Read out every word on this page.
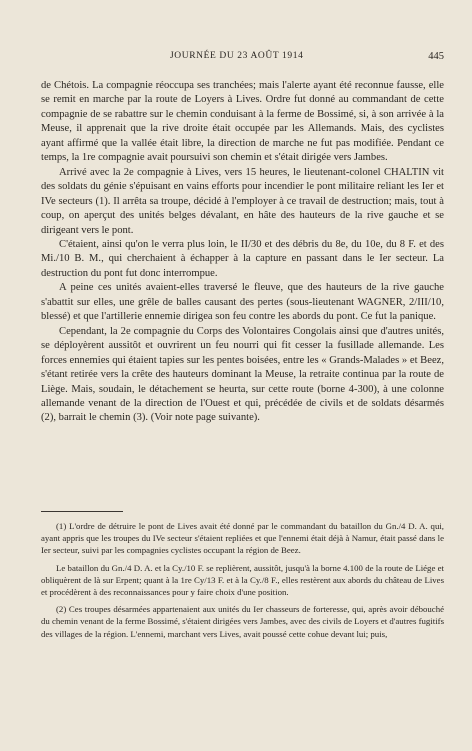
JOURNÉE DU 23 AOÛT 1914	445

de Chétois. La compagnie réoccupa ses tranchées; mais l'alerte ayant été reconnue fausse, elle se remit en marche par la route de Loyers à Lives. Ordre fut donné au commandant de cette compagnie de se rabattre sur le chemin conduisant à la ferme de Bossimé, si, à son arrivée à la Meuse, il apprenait que la rive droite était occupée par les Allemands. Mais, des cyclistes ayant affirmé que la vallée était libre, la direction de marche ne fut pas modifiée. Pendant ce temps, la 1re compagnie avait poursuivi son chemin et s'était dirigée vers Jambes.

Arrivé avec la 2e compagnie à Lives, vers 15 heures, le lieutenant-colonel CHALTIN vit des soldats du génie s'épuisant en vains efforts pour incendier le pont militaire reliant les Ier et IVe secteurs (1). Il arrêta sa troupe, décidé à l'employer à ce travail de destruction; mais, tout à coup, on aperçut des unités belges dévalant, en hâte des hauteurs de la rive gauche et se dirigeant vers le pont.

C'étaient, ainsi qu'on le verra plus loin, le II/30 et des débris du 8e, du 10e, du 8 F. et des Mi./10 B. M., qui cherchaient à échapper à la capture en passant dans le Ier secteur. La destruction du pont fut donc interrompue.

A peine ces unités avaient-elles traversé le fleuve, que des hauteurs de la rive gauche s'abattit sur elles, une grêle de balles causant des pertes (sous-lieutenant WAGNER, 2/III/10, blessé) et que l'artillerie ennemie dirigea son feu contre les abords du pont. Ce fut la panique.

Cependant, la 2e compagnie du Corps des Volontaires Congolais ainsi que d'autres unités, se déployèrent aussitôt et ouvrirent un feu nourri qui fit cesser la fusillade allemande. Les forces ennemies qui étaient tapies sur les pentes boisées, entre les « Grands-Malades » et Beez, s'étant retirée vers la crête des hauteurs dominant la Meuse, la retraite continua par la route de Liège. Mais, soudain, le détachement se heurta, sur cette route (borne 4-300), à une colonne allemande venant de la direction de l'Ouest et qui, précédée de civils et de soldats désarmés (2), barrait le chemin (3). (Voir note page suivante).

(1) L'ordre de détruire le pont de Lives avait été donné par le commandant du bataillon du Gn./4 D. A. qui, ayant appris que les troupes du IVe secteur s'étaient repliées et que l'ennemi était déjà à Namur, était passé dans le Ier secteur, suivi par les compagnies cyclistes occupant la région de Beez.

Le bataillon du Gn./4 D. A. et la Cy./10 F. se replièrent, aussitôt, jusqu'à la borne 4.100 de la route de Liége et obliquèrent de là sur Erpent; quant à la 1re Cy/13 F. et à la Cy./8 F., elles restèrent aux abords du château de Lives et procédèrent à des reconnaissances pour y faire choix d'une position.

(2) Ces troupes désarmées appartenaient aux unités du Ier chasseurs de forteresse, qui, après avoir débouché du chemin venant de la ferme Bossimé, s'étaient dirigées vers Jambes, avec des civils de Loyers et d'autres fugitifs des villages de la région. L'ennemi, marchant vers Lives, avait poussé cette cohue devant lui; puis,
